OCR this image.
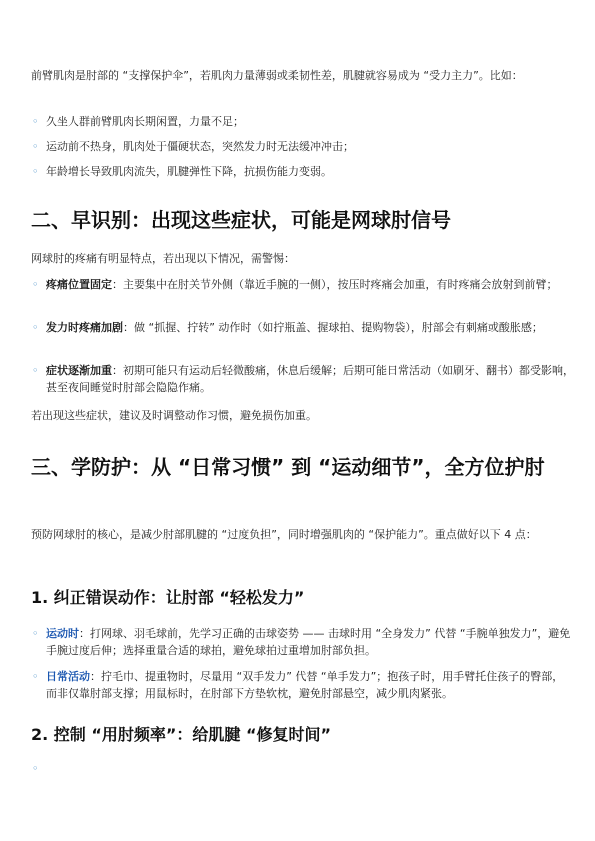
前臂肌肉是肘部的 “支撑保护伞”，若肌肉力量薄弱或柔韧性差，肌腱就容易成为 “受力主力”。比如：

◦ 久坐人群前臂肌肉长期闲置，力量不足；
◦ 运动前不热身，肌肉处于僵硬状态，突然发力时无法缓冲冲击；
◦ 年龄增长导致肌肉流失，肌腱弹性下降，抗损伤能力变弱。
二、早识别：出现这些症状，可能是网球肘信号

网球肘的疼痛有明显特点，若出现以下情况，需警惕：

◦ 疼痛位置固定：主要集中在肘关节外侧（靠近手腕的一侧），按压时疼痛会加重，有时疼痛会放射到前臂；
◦ 发力时疼痛加剧：做 “抓握、拧转” 动作时（如拧瓶盖、握球拍、提购物袋），肘部会有刺痛或酸胀感；
◦ 症状逐渐加重：初期可能只有运动后轻微酸痛，休息后缓解；后期可能日常活动（如刷牙、翻书）都受影响，甚至夜间睡觉时肘部会隐隐作痛。

若出现这些症状，建议及时调整动作习惯，避免损伤加重。

三、学防护：从 “日常习惯” 到 “运动细节”，全方位护肘

预防网球肘的核心，是减少肘部肌腱的 “过度负担”，同时增强肌肉的 “保护能力”。重点做好以下 4 点：

1. 纠正错误动作：让肘部 “轻松发力”
◦ 运动时：打网球、羽毛球前，先学习正确的击球姿势 —— 击球时用 “全身发力” 代替 “手腕单独发力”，避免手腕过度后伸；选择重量合适的球拍，避免球拍过重增加肘部负担。
◦ 日常活动：拧毛巾、提重物时，尽量用 “双手发力” 代替 “单手发力”；抱孩子时，用手臂托住孩子的臀部，而非仅靠肘部支撑；用鼠标时，在肘部下方垫软枕，避免肘部悬空，减少肌肉紧张。
2. 控制 “用肘频率”：给肌腱 “修复时间”
◦
